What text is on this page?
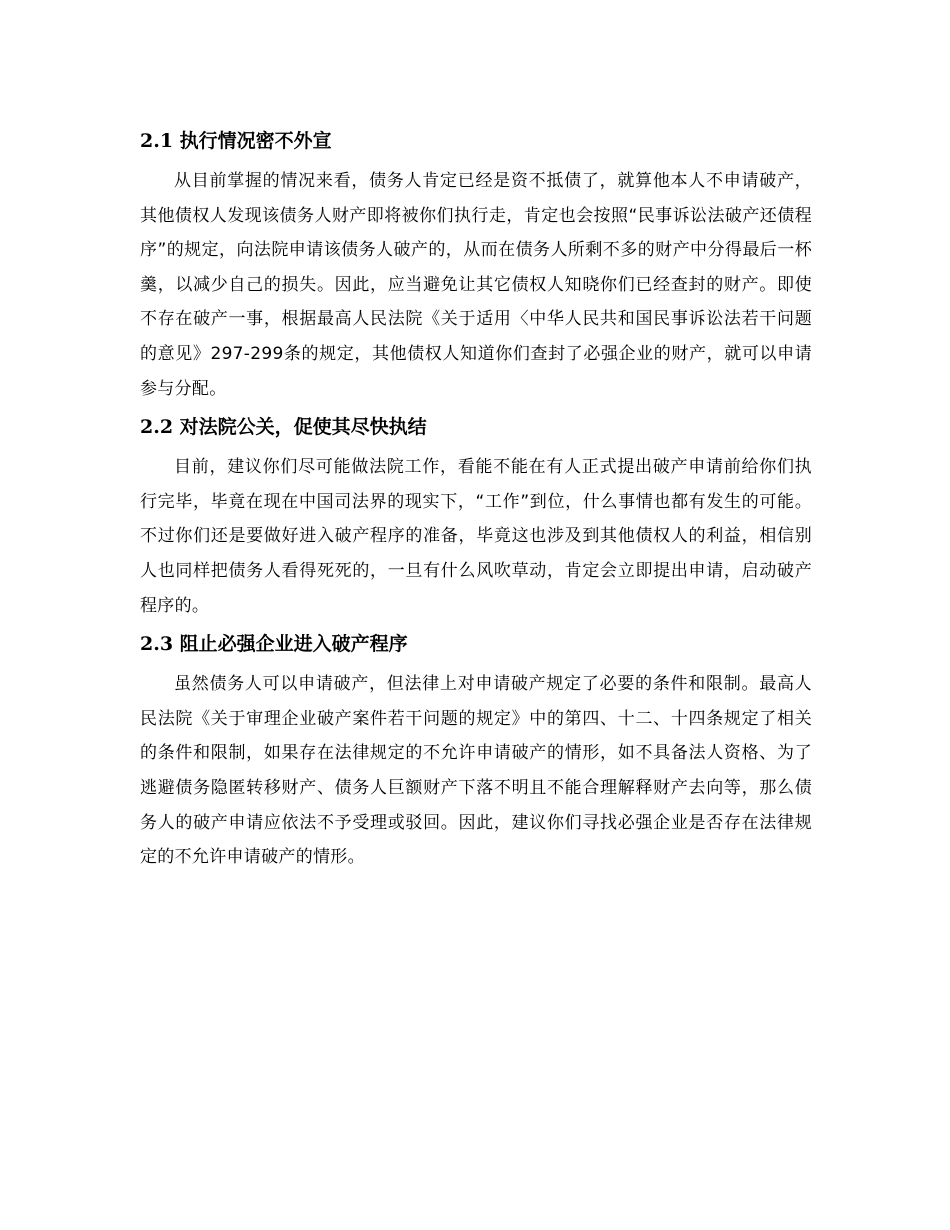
2.1 执行情况密不外宣

从目前掌握的情况来看，债务人肯定已经是资不抵债了，就算他本人不申请破产，其他债权人发现该债务人财产即将被你们执行走，肯定也会按照“民事诉讼法破产还债程序”的规定，向法院申请该债务人破产的，从而在债务人所剩不多的财产中分得最后一杯羹，以减少自己的损失。因此，应当避免让其它债权人知晓你们已经查封的财产。即使不存在破产一事，根据最高人民法院《关于适用〈中华人民共和国民事诉讼法若干问题的意见》297-299条的规定，其他债权人知道你们查封了必强企业的财产，就可以申请参与分配。

2.2 对法院公关，促使其尽快执结

目前，建议你们尽可能做法院工作，看能不能在有人正式提出破产申请前给你们执行完毕，毕竟在现在中国司法界的现实下，“工作”到位，什么事情也都有发生的可能。不过你们还是要做好进入破产程序的准备，毕竟这也涉及到其他债权人的利益，相信别人也同样把债务人看得死死的，一旦有什么风吹草动，肯定会立即提出申请，启动破产程序的。

2.3 阻止必强企业进入破产程序

虽然债务人可以申请破产，但法律上对申请破产规定了必要的条件和限制。最高人民法院《关于审理企业破产案件若干问题的规定》中的第四、十二、十四条规定了相关的条件和限制，如果存在法律规定的不允许申请破产的情形，如不具备法人资格、为了逃避债务隐匿转移财产、债务人巨额财产下落不明且不能合理解释财产去向等，那么债务人的破产申请应依法不予受理或驳回。因此，建议你们寻找必强企业是否存在法律规定的不允许申请破产的情形。
